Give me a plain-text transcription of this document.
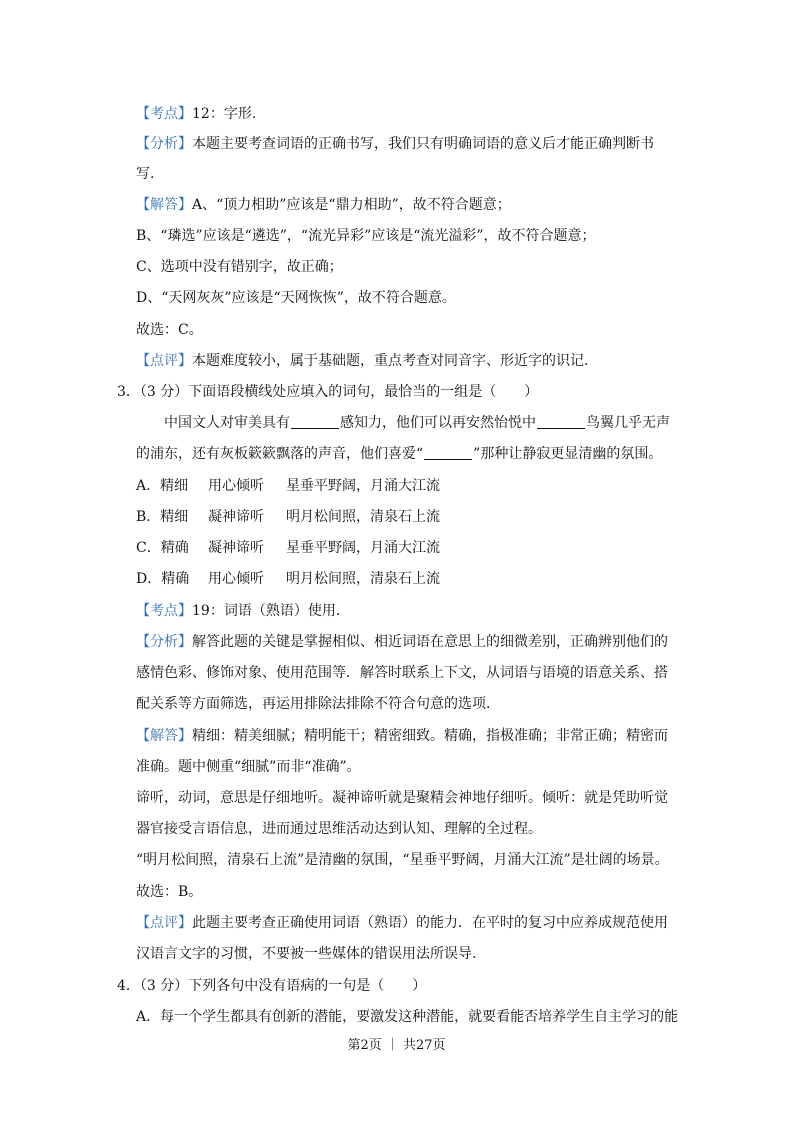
【考点】12：字形.
【分析】本题主要考查词语的正确书写，我们只有明确词语的意义后才能正确判断书
写.
【解答】A、“顶力相助”应该是“鼎力相助”，故不符合题意；
B、“璘选”应该是“遴选”，“流光异彩”应该是“流光溢彩”，故不符合题意；
C、选项中没有错别字，故正确；
D、“天网灰灰”应该是“天网恢恢”，故不符合题意。
故选：C。
【点评】本题难度较小，属于基础题，重点考查对同音字、形近字的识记.
3．（3 分）下面语段横线处应填入的词句，最恰当的一组是（　　）
中国文人对审美具有	感知力，他们可以再安然怡悦中	鸟翼几乎无声
的浦东，还有灰板簌簌飘落的声音，他们喜爱“	”那种让静寂更显清幽的氛围。
A．精细 用心倾听 星垂平野阔，月涌大江流
B．精细 凝神谛听 明月松间照，清泉石上流
C．精确 凝神谛听 星垂平野阔，月涌大江流
D．精确 用心倾听 明月松间照，清泉石上流
【考点】19：词语（熟语）使用.
【分析】解答此题的关键是掌握相似、相近词语在意思上的细微差别，正确辨别他们的
感情色彩、修饰对象、使用范围等．解答时联系上下文，从词语与语境的语意关系、搭
配关系等方面筛选，再运用排除法排除不符合句意的选项.
【解答】精细：精美细腻；精明能干；精密细致。精确，指极准确；非常正确；精密而
准确。题中侧重“细腻”而非“准确”。
谛听，动词，意思是仔细地听。凝神谛听就是聚精会神地仔细听。倾听：就是凭助听觉
器官接受言语信息，进而通过思维活动达到认知、理解的全过程。
“明月松间照，清泉石上流”是清幽的氛围，“星垂平野阔，月涌大江流”是壮阔的场景。
故选：B。
【点评】此题主要考查正确使用词语（熟语）的能力．在平时的复习中应养成规范使用
汉语言文字的习惯，不要被一些媒体的错误用法所误导.
4．（3 分）下列各句中没有语病的一句是（　　）
A．每一个学生都具有创新的潜能，要激发这种潜能，就要看能否培养学生自主学习的能
第2页 ｜ 共27页
